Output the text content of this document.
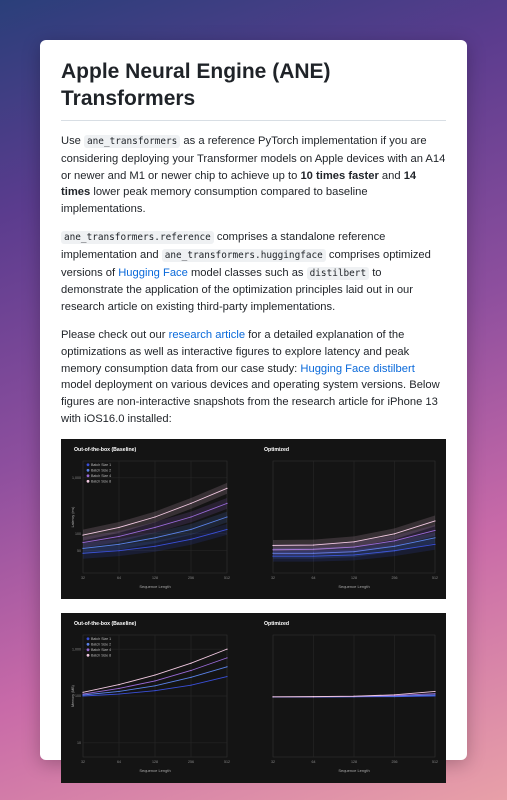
Apple Neural Engine (ANE) Transformers

Use ane_transformers as a reference PyTorch implementation if you are considering deploying your Transformer models on Apple devices with an A14 or newer and M1 or newer chip to achieve up to 10 times faster and 14 times lower peak memory consumption compared to baseline implementations.

ane_transformers.reference comprises a standalone reference implementation and ane_transformers.huggingface comprises optimized versions of Hugging Face model classes such as distilbert to demonstrate the application of the optimization principles laid out in our research article on existing third-party implementations.

Please check out our research article for a detailed explanation of the optimizations as well as interactive figures to explore latency and peak memory consumption data from our case study: Hugging Face distilbert model deployment on various devices and operating system versions. Below figures are non-interactive snapshots from the research article for iPhone 13 with iOS16.0 installed:

Out-of-the-box (Baseline)
32	64	128	256	512
50
100
1,000
Sequence Length
Latency (ms)
Batch Size 1
Batch Size 2
Batch Size 4
Batch Size 8
Optimized
32	64	128	256	512
Sequence Length
Out-of-the-box (Baseline)
32	64	128	256	512
10
100
1,000
Sequence Length
Memory (MB)
Batch Size 1
Batch Size 2
Batch Size 4
Batch Size 8
Optimized
32	64	128	256	512
Sequence Length
